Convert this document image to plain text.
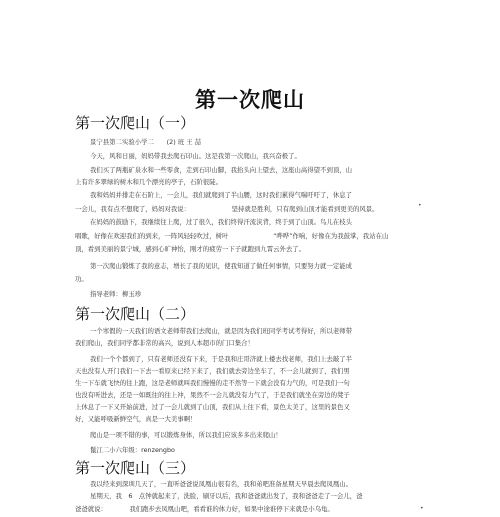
第一次爬山
第一次爬山（一）
景宁县第二实验小学二　　(2) 班 王 喆
今天，风和日丽，妈妈带我去爬石印山。这是我第一次爬山，我兴奋极了。
我们买了两瓶矿泉水和一些零食，走到石印山脚，我抬头向上望去，这座山高得望不到顶，山
上有许多翠绿的树木和几个漂亮的亭子，石阶很陡。
我和妈妈并排走在石阶上，一会儿，我们就爬到了半山腰，这时我们累得气喘吁吁了，休息了
一会儿，我有点不想爬了，妈妈对我说：　　　　　　　坚持就是胜利，只有爬到山顶才能看到更美的风景。
在妈妈的鼓励下，我继续往上爬，过了很久，我们终得汗流浃背，终于到了山顶。鸟儿在枝头
唱歌，好像在欢迎我们的到来，一阵风轻轻吹过，树叶　　　　　　　“哗哗”作响，好像在为我鼓掌，我站在山
顶，看到美丽的景宁城，感到心旷神怡，刚才的疲劳一下子就跑到九霄云外去了。
第一次爬山锻炼了我的意志，增长了我的见识，使我知道了做任何事情，只要努力就一定能成
功。
指导老师：柳玉珍
第一次爬山（二）
一个寒假的一天我们的语文老师带我们去爬山，就是因为我们班同学考试考得好，所以老师带
我们爬山，我们同学都非常的高兴，说到人本超市的门口集合！
我们一个个都到了，只有老师还没有下来，于是我和庄哥济就上楼去找老师，我们上去敲了半
天也没有人开门我们一下去一看原来已经下来了，我们就去旁边坐车了，不一会儿就到了，我们男
生一下车就飞快的往上跑，这是老师就叫我们慢慢的走不然等一下就会没有力气的，可是我们一句
也没有听进去，还是一如既往的往上冲，果然不一会儿就没有力气了，于是我们就坐在旁边的凳子
上休息了一下又开始前进，过了一会儿就到了山顶，我们从上往下看，景色太美了，这里的景色又
好，又能呼吸新鲜空气，真是一大美事啊！
爬山是一项不错的事，可以锻炼身体，所以我们应该多多出来爬山！
鬣江二小六年级：renzengbo
第一次爬山（三）
我以经来到深圳几天了，一直听爸爸说凤凰山很有名，我和弟吧准备星期天早晨去爬凤凰山。
星期天，我　6　点钟就起来了，洗脸，刷牙以后，我和爸爸就出发了，我和爸爸走了一会儿，爸
爸爸就说：　　　　我们跑步去凤凰山吧，看看谁的体力好，如果中途谁停下来就是小乌龟。
•
•
